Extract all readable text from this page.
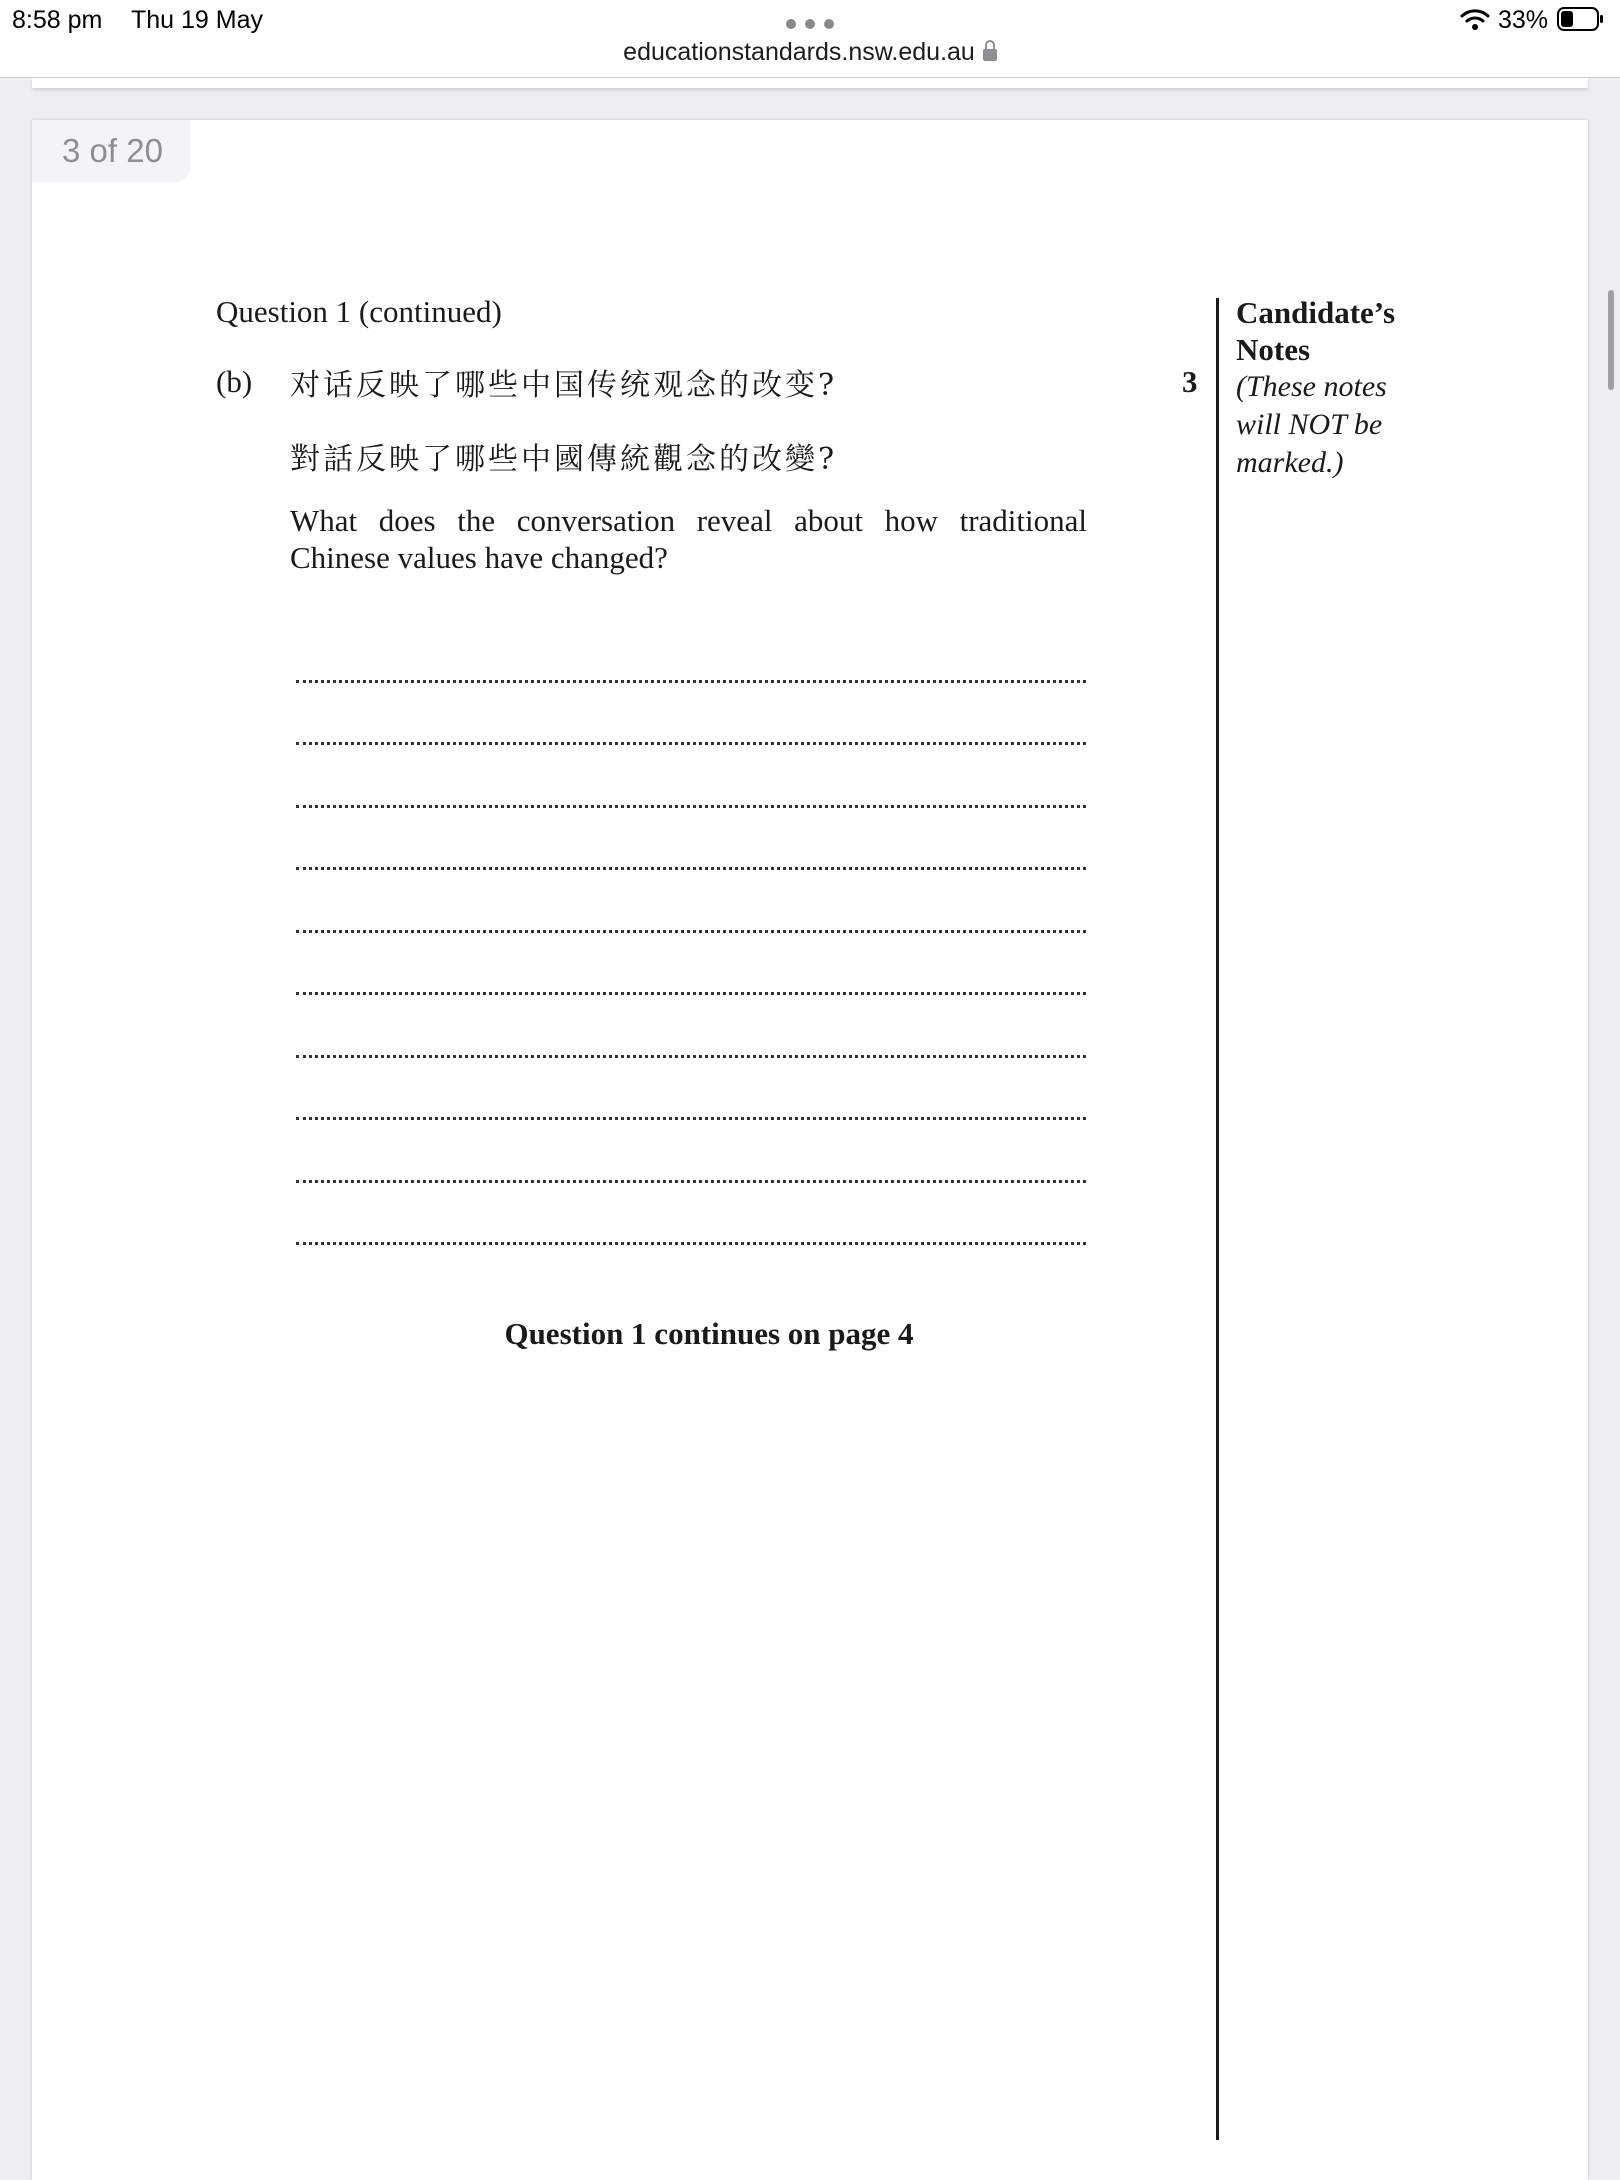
8:58 pm Thu 19 May
educationstandards.nsw.edu.au
33%
3 of 20
Question 1 (continued)
(b) 对话反映了哪些中国传统观念的改变?
對話反映了哪些中國傳統觀念的改變?
What does the conversation reveal about how traditional Chinese values have changed?
3
Candidate’s Notes
(These notes will NOT be marked.)
Question 1 continues on page 4
